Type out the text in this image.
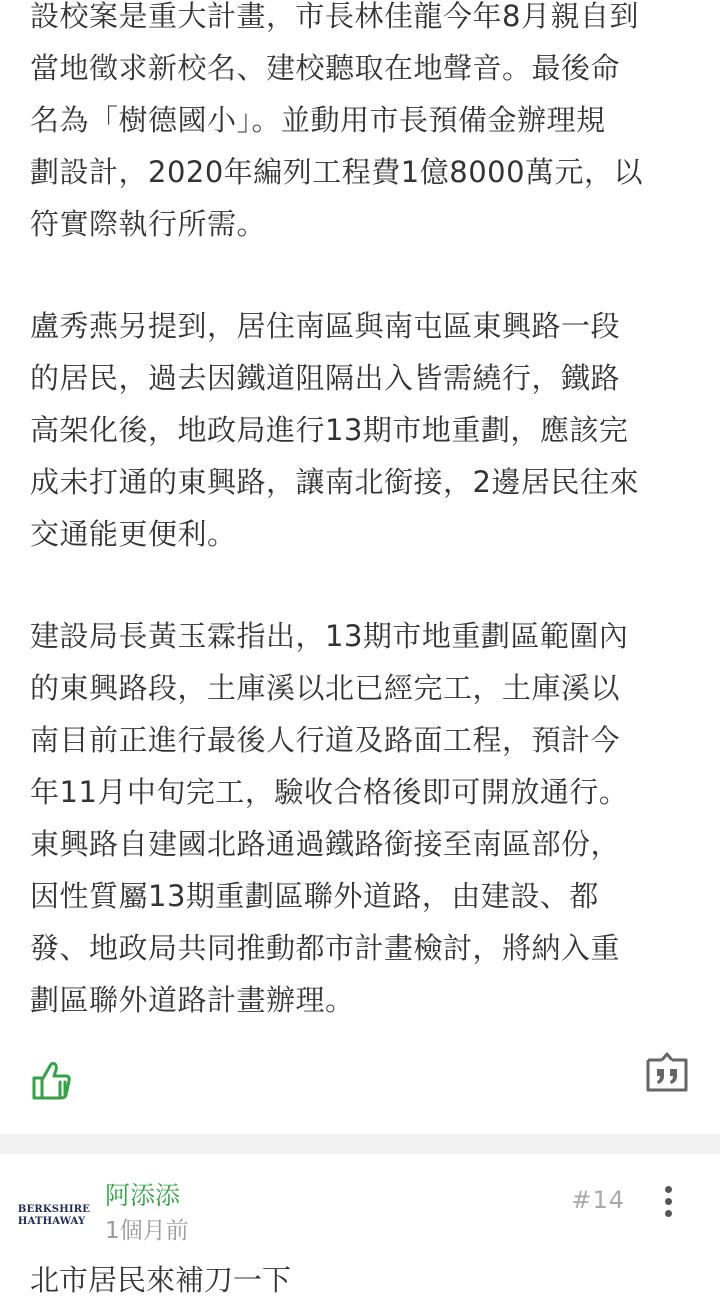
設校案是重大計畫，市長林佳龍今年8月親自到
當地徵求新校名、建校聽取在地聲音。最後命
名為「樹德國小」。並動用市長預備金辦理規
劃設計，2020年編列工程費1億8000萬元，以
符實際執行所需。

盧秀燕另提到，居住南區與南屯區東興路一段
的居民，過去因鐵道阻隔出入皆需繞行，鐵路
高架化後，地政局進行13期市地重劃，應該完
成未打通的東興路，讓南北銜接，2邊居民往來
交通能更便利。

建設局長黃玉霖指出，13期市地重劃區範圍內
的東興路段，土庫溪以北已經完工，土庫溪以
南目前正進行最後人行道及路面工程，預計今
年11月中旬完工，驗收合格後即可開放通行。
東興路自建國北路通過鐵路銜接至南區部份，
因性質屬13期重劃區聯外道路，由建設、都
發、地政局共同推動都市計畫檢討，將納入重
劃區聯外道路計畫辦理。

BERKSHIRE
HATHAWAY
阿添添
1個月前
#14
北市居民來補刀一下
